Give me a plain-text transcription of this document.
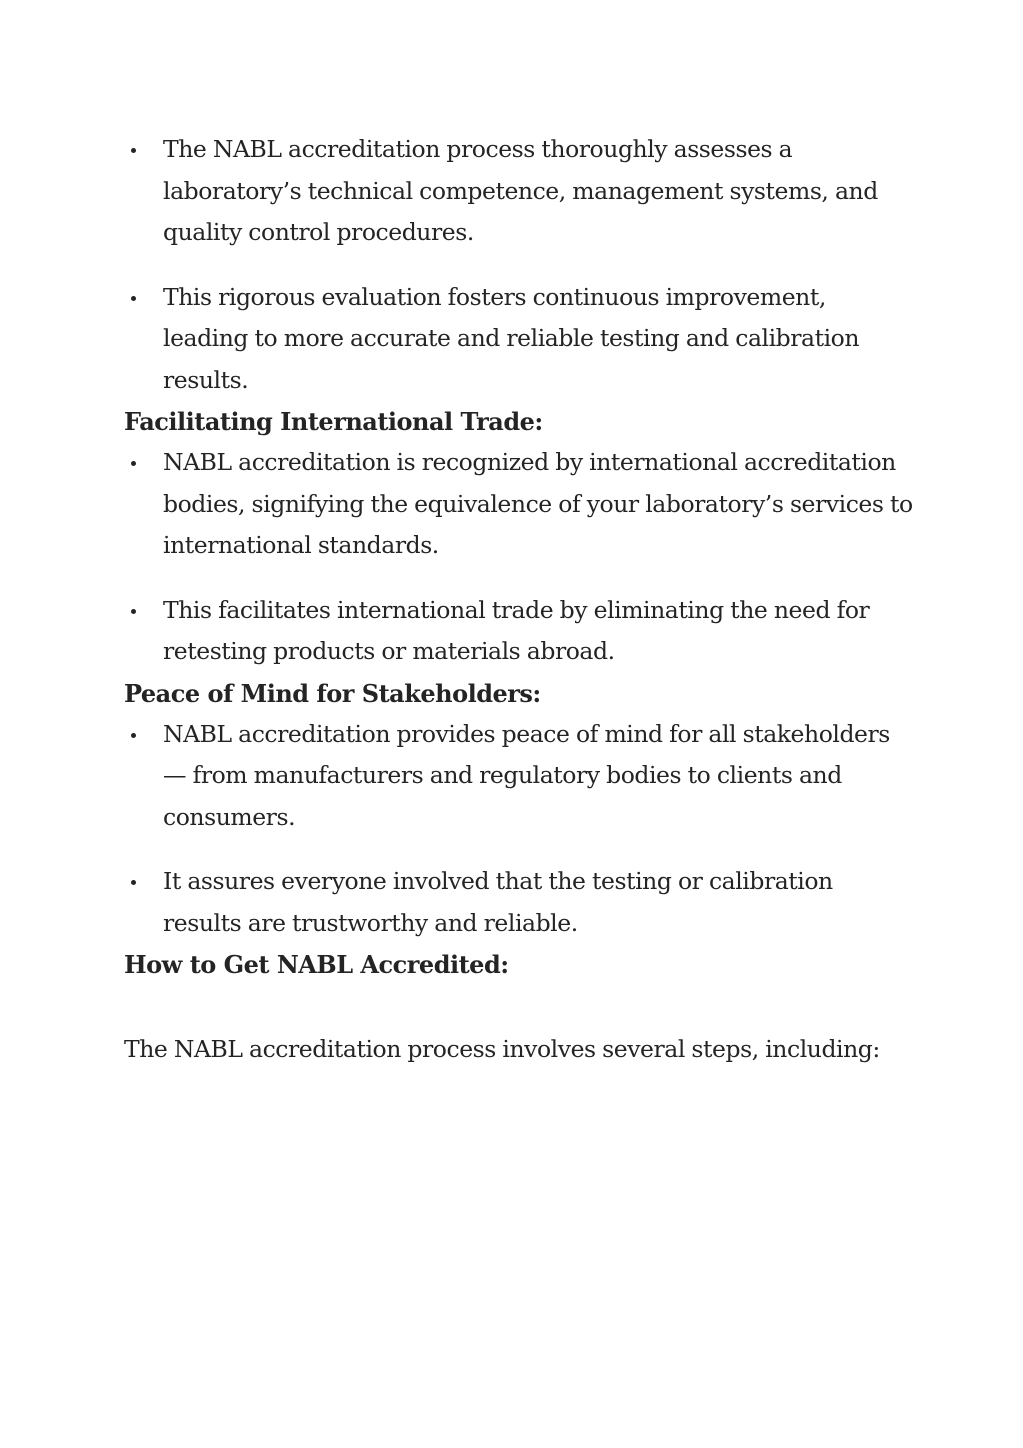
The NABL accreditation process thoroughly assesses a laboratory’s technical competence, management systems, and quality control procedures.
This rigorous evaluation fosters continuous improvement, leading to more accurate and reliable testing and calibration results.
Facilitating International Trade:
NABL accreditation is recognized by international accreditation bodies, signifying the equivalence of your laboratory’s services to international standards.
This facilitates international trade by eliminating the need for retesting products or materials abroad.
Peace of Mind for Stakeholders:
NABL accreditation provides peace of mind for all stakeholders — from manufacturers and regulatory bodies to clients and consumers.
It assures everyone involved that the testing or calibration results are trustworthy and reliable.
How to Get NABL Accredited:

The NABL accreditation process involves several steps, including:
